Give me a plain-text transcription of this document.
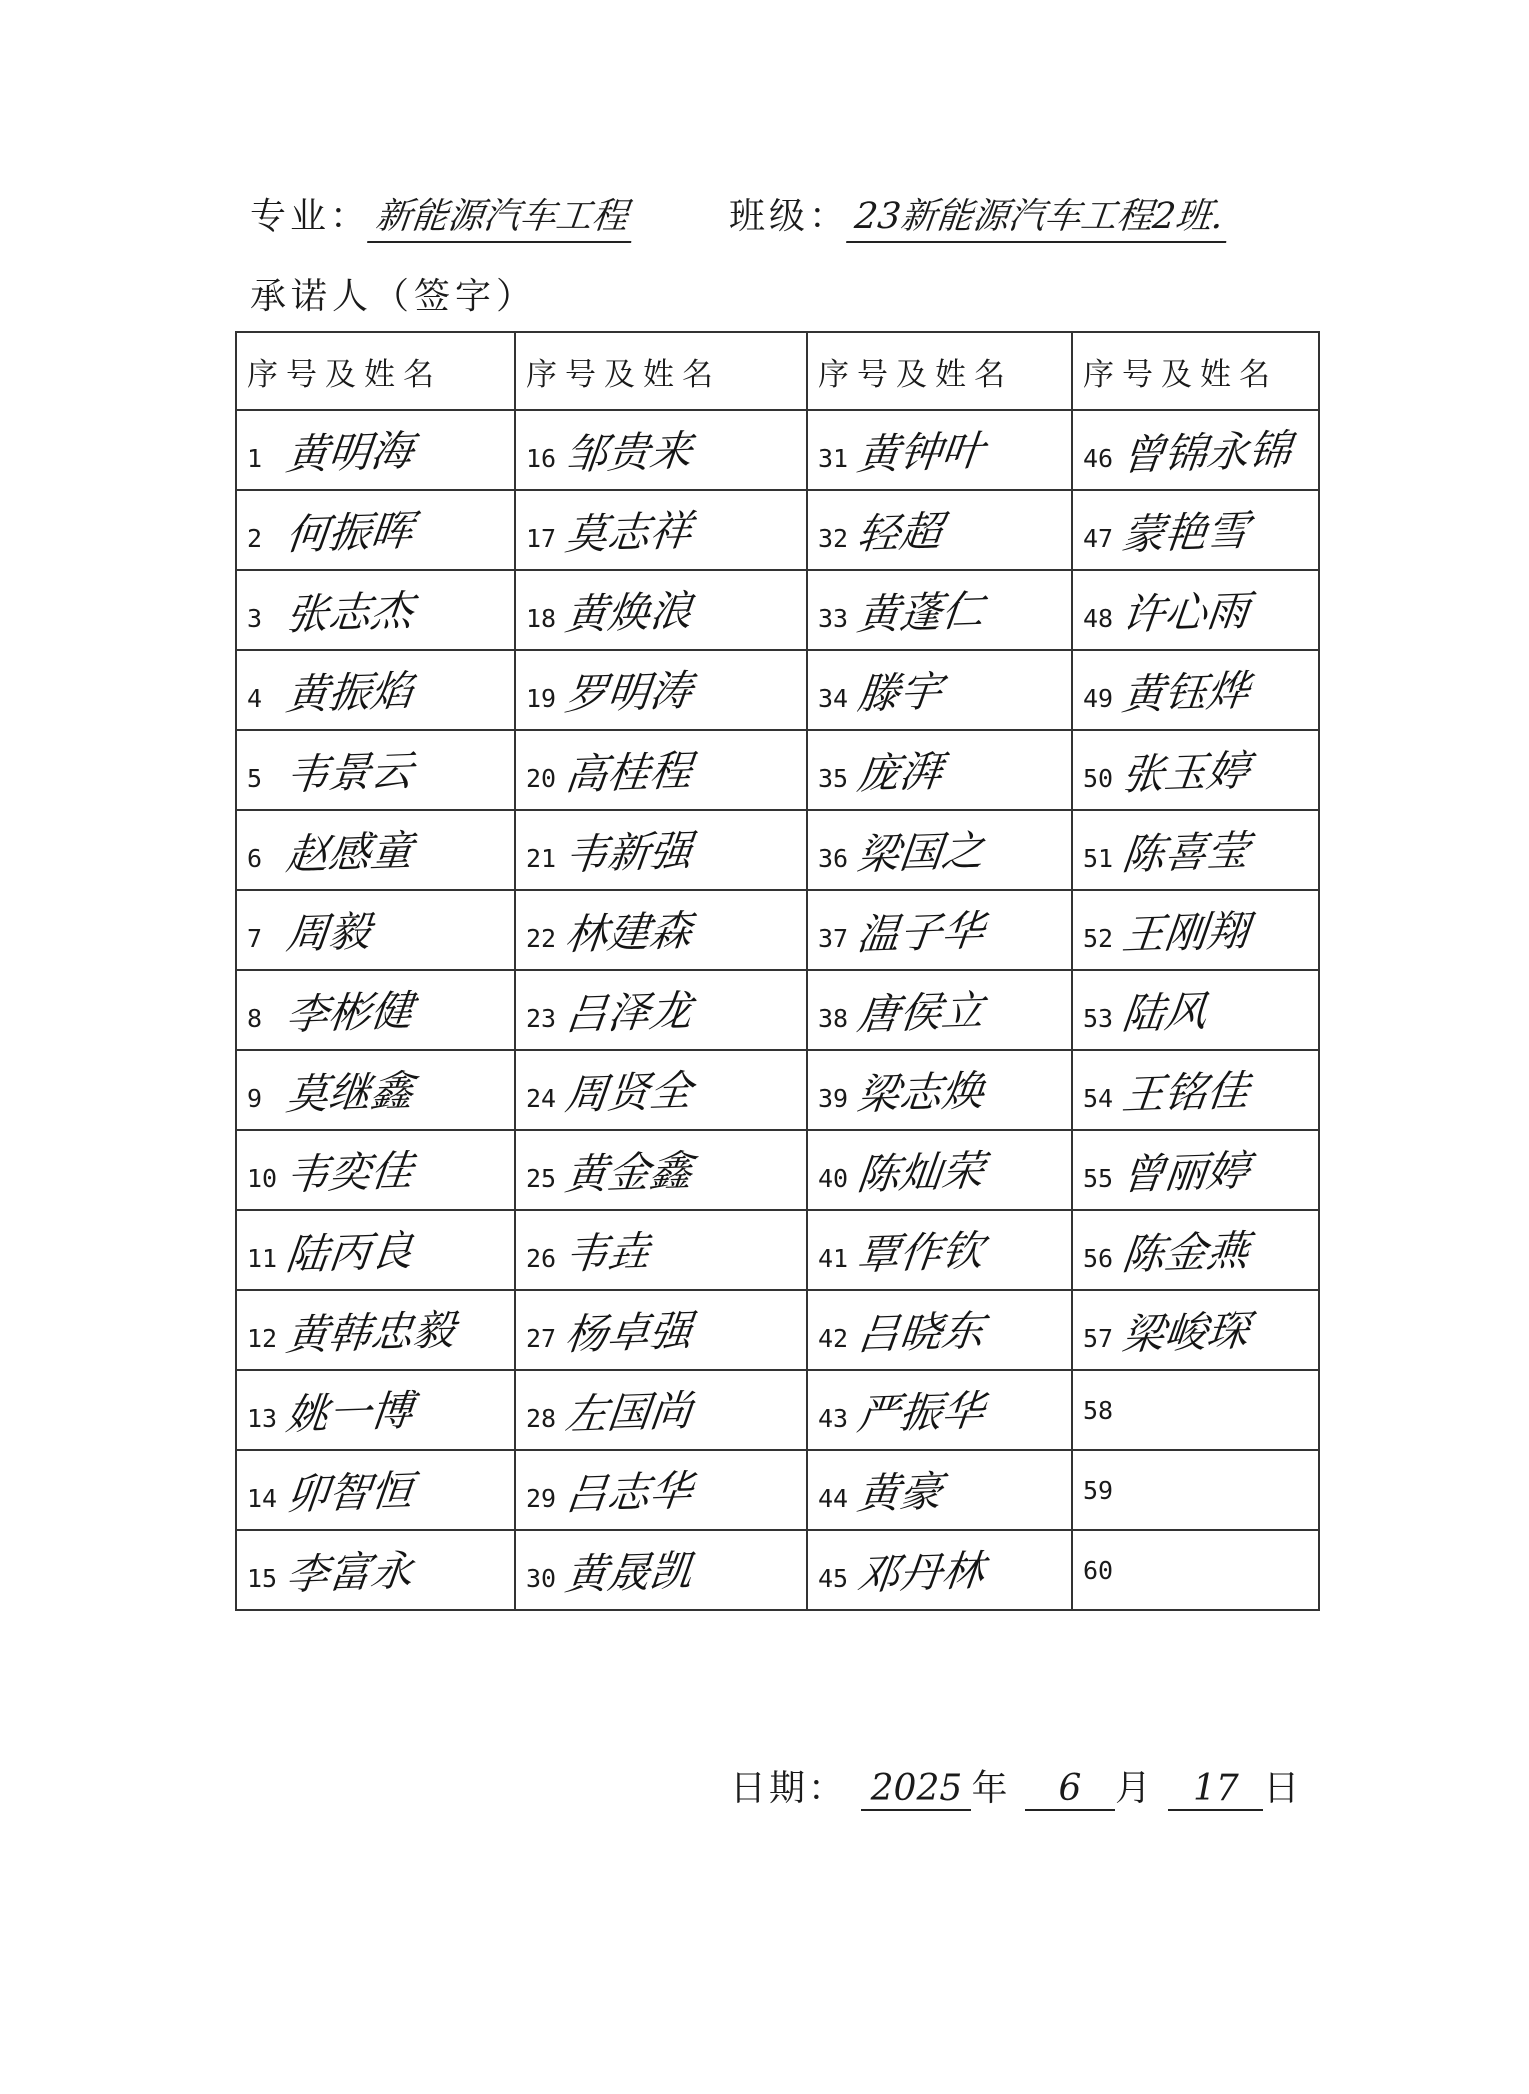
专业： 新能源汽车工程	班级： 23新能源汽车工程2班.
承诺人（签字）
序号及姓名	序号及姓名	序号及姓名	序号及姓名
1 黄明海	16 邹贵来	31 黄钟叶	46 曾锦永锦
2 何振晖	17 莫志祥	32 轻超	47 蒙艳雪
3 张志杰	18 黄焕浪	33 黄蓬仁	48 许心雨
4 黄振焰	19 罗明涛	34 滕宇	49 黄钰烨
5 韦景云	20 高桂程	35 庞湃	50 张玉婷
6 赵感童	21 韦新强	36 梁国之	51 陈喜莹
7 周毅	22 林建森	37 温子华	52 王刚翔
8 李彬健	23 吕泽龙	38 唐侯立	53 陆风
9 莫继鑫	24 周贤全	39 梁志焕	54 王铭佳
10 韦奕佳	25 黄金鑫	40 陈灿荣	55 曾丽婷
11 陆丙良	26 韦垚	41 覃作钦	56 陈金燕
12 黄韩忠毅	27 杨卓强	42 吕晓东	57 梁峻琛
13 姚一博	28 左国尚	43 严振华	58
14 卯智恒	29 吕志华	44 黄豪	59
15 李富永	30 黄晟凯	45 邓丹林	60
日期： 2025 年 6 月 17 日
